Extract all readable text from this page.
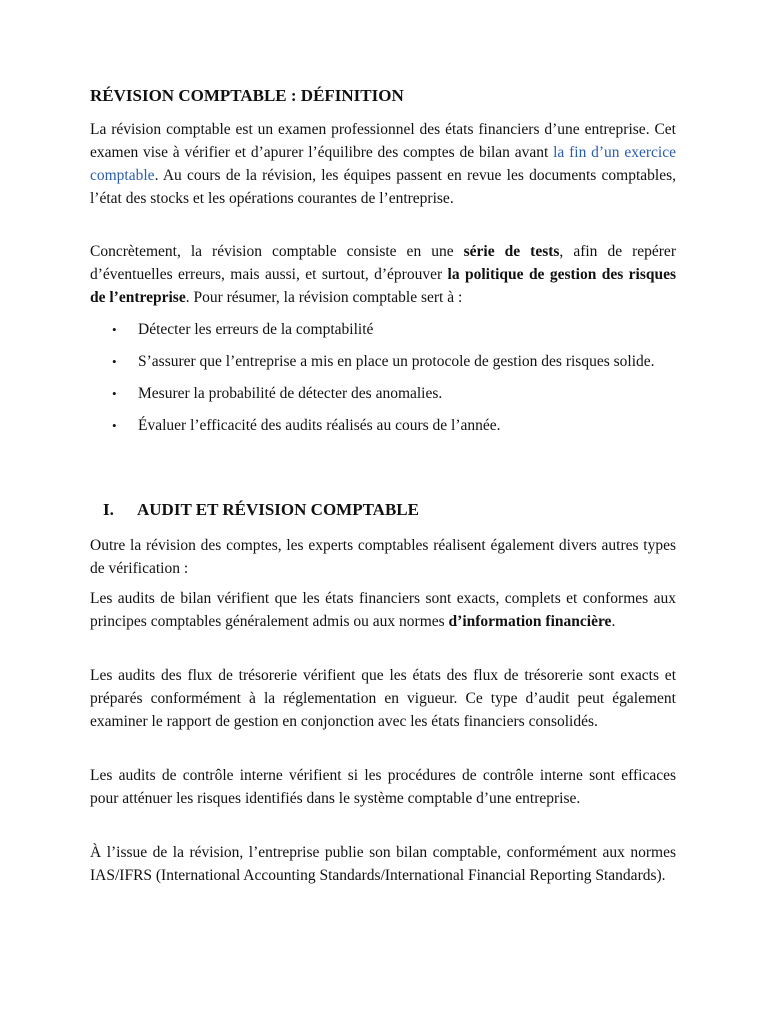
RÉVISION COMPTABLE : DÉFINITION

La révision comptable est un examen professionnel des états financiers d’une entreprise. Cet examen vise à vérifier et d’apurer l’équilibre des comptes de bilan avant la fin d’un exercice comptable. Au cours de la révision, les équipes passent en revue les documents comptables, l’état des stocks et les opérations courantes de l’entreprise.

Concrètement, la révision comptable consiste en une série de tests, afin de repérer d’éventuelles erreurs, mais aussi, et surtout, d’éprouver la politique de gestion des risques de l’entreprise. Pour résumer, la révision comptable sert à :

• Détecter les erreurs de la comptabilité
• S’assurer que l’entreprise a mis en place un protocole de gestion des risques solide.
• Mesurer la probabilité de détecter des anomalies.
• Évaluer l’efficacité des audits réalisés au cours de l’année.
I. AUDIT ET RÉVISION COMPTABLE

Outre la révision des comptes, les experts comptables réalisent également divers autres types de vérification :

Les audits de bilan vérifient que les états financiers sont exacts, complets et conformes aux principes comptables généralement admis ou aux normes d’information financière.

Les audits des flux de trésorerie vérifient que les états des flux de trésorerie sont exacts et préparés conformément à la réglementation en vigueur. Ce type d’audit peut également examiner le rapport de gestion en conjonction avec les états financiers consolidés.

Les audits de contrôle interne vérifient si les procédures de contrôle interne sont efficaces pour atténuer les risques identifiés dans le système comptable d’une entreprise.

À l’issue de la révision, l’entreprise publie son bilan comptable, conformément aux normes IAS/IFRS (International Accounting Standards/International Financial Reporting Standards).
